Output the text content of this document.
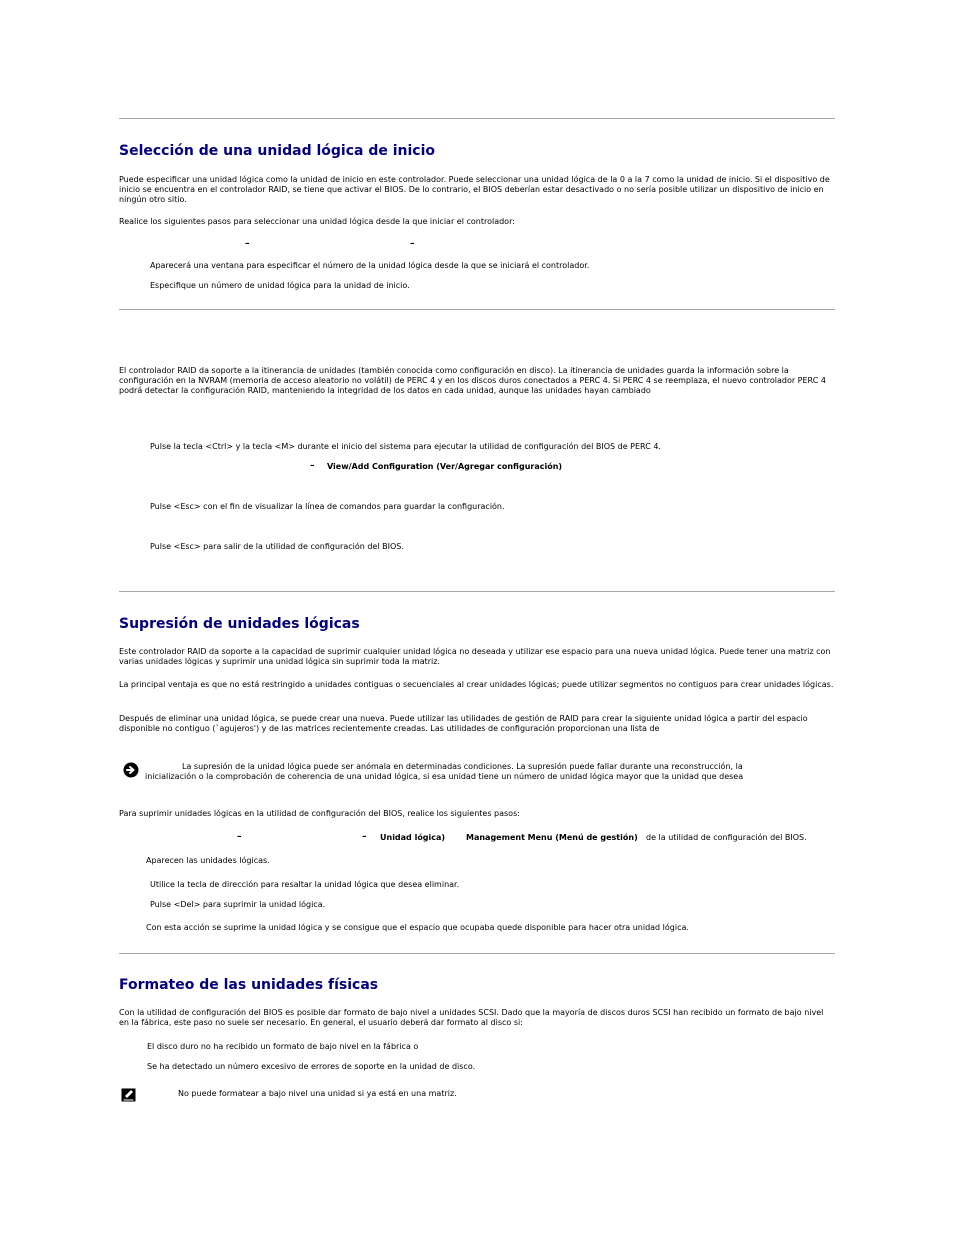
Selección de una unidad lógica de inicio

Puede especificar una unidad lógica como la unidad de inicio en este controlador. Puede seleccionar una unidad lógica de la 0 a la 7 como la unidad de inicio. Si el dispositivo de inicio se encuentra en el controlador RAID, se tiene que activar el BIOS. De lo contrario, el BIOS deberían estar desactivado o no sería posible utilizar un dispositivo de inicio en ningún otro sitio.

Realice los siguientes pasos para seleccionar una unidad lógica desde la que iniciar el controlador:

–	–
Aparecerá una ventana para especificar el número de la unidad lógica desde la que se iniciará el controlador.
Especifique un número de unidad lógica para la unidad de inicio.

El controlador RAID da soporte a la itinerancia de unidades (también conocida como configuración en disco). La itinerancia de unidades guarda la información sobre la configuración en la NVRAM (memoria de acceso aleatorio no volátil) de PERC 4 y en los discos duros conectados a PERC 4. Si PERC 4 se reemplaza, el nuevo controlador PERC 4 podrá detectar la configuración RAID, manteniendo la integridad de los datos en cada unidad, aunque las unidades hayan cambiado

Pulse la tecla <Ctrl> y la tecla <M> durante el inicio del sistema para ejecutar la utilidad de configuración del BIOS de PERC 4.
– View/Add Configuration (Ver/Agregar configuración)
Pulse <Esc> con el fin de visualizar la línea de comandos para guardar la configuración.
Pulse <Esc> para salir de la utilidad de configuración del BIOS.
Supresión de unidades lógicas

Este controlador RAID da soporte a la capacidad de suprimir cualquier unidad lógica no deseada y utilizar ese espacio para una nueva unidad lógica. Puede tener una matriz con varias unidades lógicas y suprimir una unidad lógica sin suprimir toda la matriz.

La principal ventaja es que no está restringido a unidades contiguas o secuenciales al crear unidades lógicas; puede utilizar segmentos no contiguos para crear unidades lógicas.

Después de eliminar una unidad lógica, se puede crear una nueva. Puede utilizar las utilidades de gestión de RAID para crear la siguiente unidad lógica a partir del espacio disponible no contiguo (`agujeros') y de las matrices recientemente creadas. Las utilidades de configuración proporcionan una lista de

La supresión de la unidad lógica puede ser anómala en determinadas condiciones. La supresión puede fallar durante una reconstrucción, la
inicialización o la comprobación de coherencia de una unidad lógica, si esa unidad tiene un número de unidad lógica mayor que la unidad que desea

Para suprimir unidades lógicas en la utilidad de configuración del BIOS, realice los siguientes pasos:

–	– Unidad lógica)	Management Menu (Menú de gestión) de la utilidad de configuración del BIOS.
Aparecen las unidades lógicas.
Utilice la tecla de dirección para resaltar la unidad lógica que desea eliminar.
Pulse <Del> para suprimir la unidad lógica.
Con esta acción se suprime la unidad lógica y se consigue que el espacio que ocupaba quede disponible para hacer otra unidad lógica.
Formateo de las unidades físicas

Con la utilidad de configuración del BIOS es posible dar formato de bajo nivel a unidades SCSI. Dado que la mayoría de discos duros SCSI han recibido un formato de bajo nivel en la fábrica, este paso no suele ser necesario. En general, el usuario deberá dar formato al disco si:

El disco duro no ha recibido un formato de bajo nivel en la fábrica o
Se ha detectado un número excesivo de errores de soporte en la unidad de disco.
No puede formatear a bajo nivel una unidad si ya está en una matriz.
